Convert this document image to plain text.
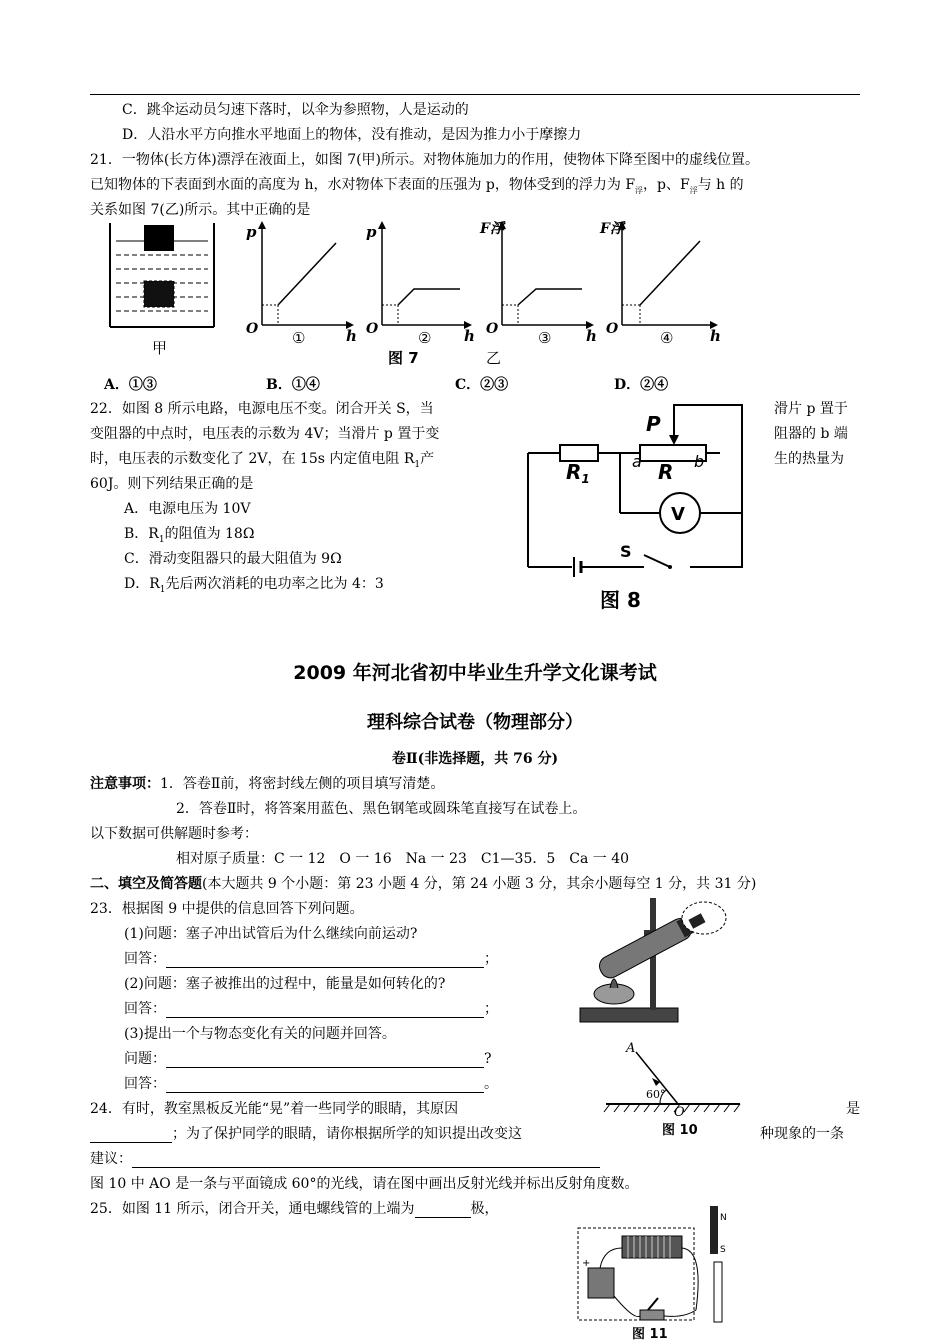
C．跳伞运动员匀速下落时，以伞为参照物，人是运动的
D．人沿水平方向推水平地面上的物体，没有推动，是因为推力小于摩擦力
21．一物体(长方体)漂浮在液面上，如图 7(甲)所示。对物体施加力的作用，使物体下降至图中的虚线位置。
已知物体的下表面到水面的高度为 h，水对物体下表面的压强为 p，物体受到的浮力为 $F_浮$，p、$F_浮$与 h 的
关系如图 7(乙)所示。其中正确的是
甲
p
O	h
①
p
O	h
②
F浮
O	h
③
F浮
O	h
④
乙
图 7
A．①③	B．①④	C．②③	D．②④
22．如图 8 所示电路，电源电压不变。闭合开关 S，当	滑片 p 置于
变阻器的中点时，电压表的示数为 4V；当滑片 p 置于变	阻器的 b 端
时，电压表的示数变化了 2V，在 15s 内定值电阻 $R_1$产	生的热量为
60J。则下列结果正确的是
A．电源电压为 10V
B．$R_1$的阻值为 18Ω
C．滑动变阻器只的最大阻值为 9Ω
D．$R_1$先后两次消耗的电功率之比为 4：3
P
$R_1$
a R b
V
S
图 8
2009 年河北省初中毕业生升学文化课考试
理科综合试卷（物理部分）
卷Ⅱ(非选择题，共 76 分)
注意事项：1．答卷Ⅱ前，将密封线左侧的项目填写清楚。
2．答卷Ⅱ时，将答案用蓝色、黑色钢笔或圆珠笔直接写在试卷上。
以下数据可供解题时参考：
相对原子质量：C 一 12　O 一 16　Na 一 23　C1—35．5　Ca 一 40
二、填空及简答题(本大题共 9 个小题：第 23 小题 4 分，第 24 小题 3 分，其余小题每空 1 分，共 31 分)
23．根据图 9 中提供的信息回答下列问题。
(1)问题：塞子冲出试管后为什么继续向前运动?
回答：	；
(2)问题：塞子被推出的过程中，能量是如何转化的?
回答：	；
(3)提出一个与物态变化有关的问题并回答。
问题：	?
回答：	。
24．有时，教室黑板反光能“晃”着一些同学的眼睛，其原因	是
；为了保护同学的眼睛，请你根据所学的知识提出改变这	种现象的一条
建议：
图 10 中 AO 是一条与平面镜成 60°的光线，请在图中画出反射光线并标出反射角度数。
A
60°
O
图 10
25．如图 11 所示，闭合开关，通电螺线管的上端为	极，
N
S
+
图 11
